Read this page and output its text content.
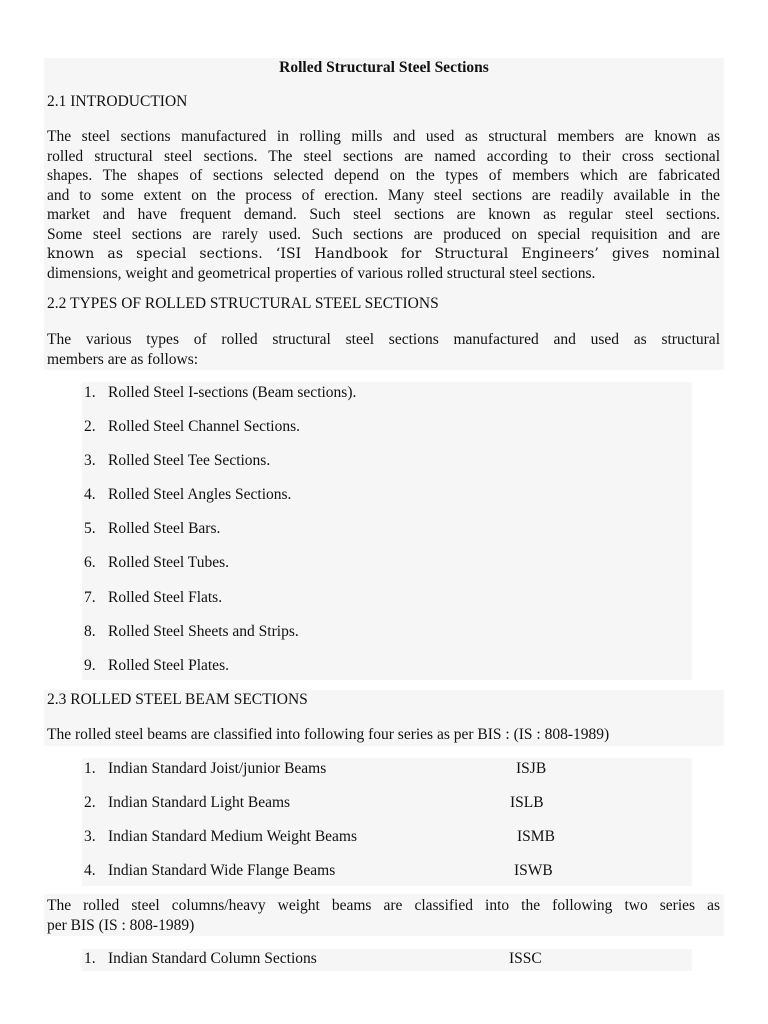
Rolled Structural Steel Sections
2.1 INTRODUCTION
The steel sections manufactured in rolling mills and used as structural members are known as
rolled structural steel sections. The steel sections are named according to their cross sectional
shapes. The shapes of sections selected depend on the types of members which are fabricated
and to some extent on the process of erection. Many steel sections are readily available in the
market and have frequent demand. Such steel sections are known as regular steel sections.
Some steel sections are rarely used. Such sections are produced on special requisition and are
known as special sections. ‘ISI Handbook for Structural Engineers’ gives nominal
dimensions, weight and geometrical properties of various rolled structural steel sections.
2.2 TYPES OF ROLLED STRUCTURAL STEEL SECTIONS
The various types of rolled structural steel sections manufactured and used as structural
members are as follows:
1. Rolled Steel I-sections (Beam sections).
2. Rolled Steel Channel Sections.
3. Rolled Steel Tee Sections.
4. Rolled Steel Angles Sections.
5. Rolled Steel Bars.
6. Rolled Steel Tubes.
7. Rolled Steel Flats.
8. Rolled Steel Sheets and Strips.
9. Rolled Steel Plates.
2.3 ROLLED STEEL BEAM SECTIONS
The rolled steel beams are classified into following four series as per BIS : (IS : 808-1989)
1. Indian Standard Joist/junior Beams	ISJB
2. Indian Standard Light Beams	ISLB
3. Indian Standard Medium Weight Beams	ISMB
4. Indian Standard Wide Flange Beams	ISWB
The rolled steel columns/heavy weight beams are classified into the following two series as
per BIS (IS : 808-1989)
1. Indian Standard Column Sections	ISSC
